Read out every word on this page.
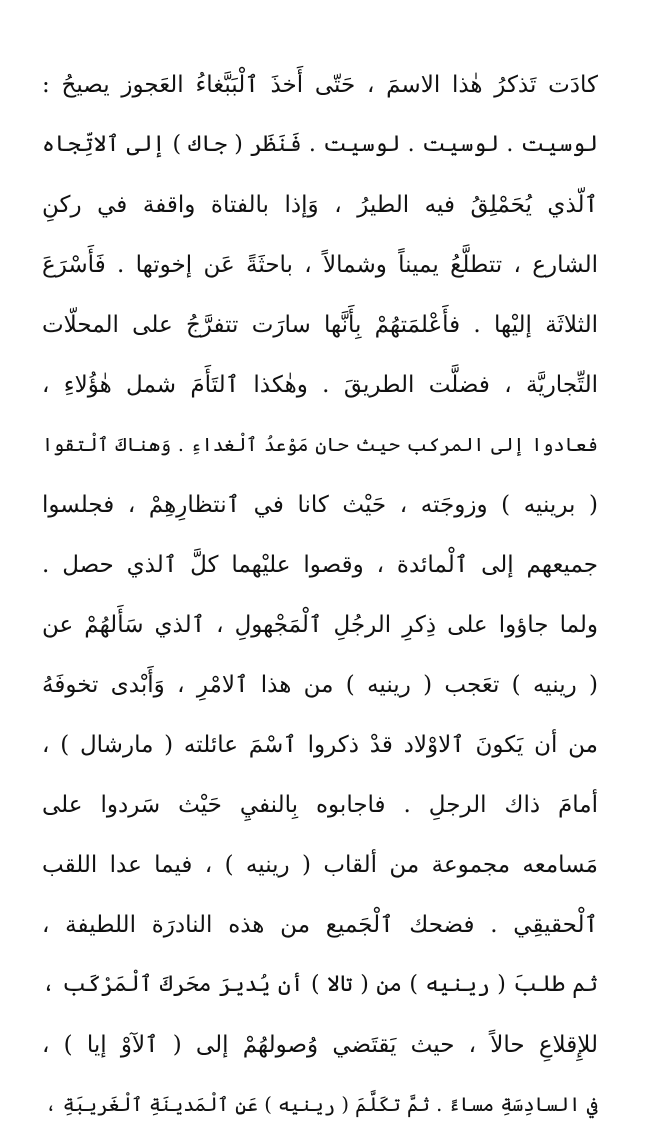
كادَت تَذكرُ هٰذا الاسمَ ، حَتّى أَخذَ ٱلْبَبَّغاءُ العَجوز يصيحُ :
لوسيت . لوسيت . لوسيت . فَنَظَر ( جاك ) إلى ٱلاتِّجاه
ٱلّذي يُحَمْلِقُ فيه الطيرُ ، وَإذا بالفتاة واقفة في ركنِ
الشارع ، تتطلَّعُ يميناً وشمالاً ، باحثَةً عَن إخوتها . فَأَسْرَعَ
الثلاثَة إليْها . فأَعْلمَتهُمْ بِأَنَّها سارَت تتفرَّجُ على المحلّات
التِّجاريَّة ، فضلَّت الطريقَ . وهٰكذا ٱلتَأَمَ شمل هٰؤُلاءِ ،
فعادوا إلى المركب حيث حان مَوْعدُ ٱلْغداءِ . وَهناكَ ٱلْتقوا
( برينيه ) وزوجَته ، حَيْث كانا في ٱنتظارِهِمْ ، فجلسوا
جميعهم إلى ٱلْمائدة ، وقصوا عليْهما كلَّ ٱلذي حصل .
ولما جاؤوا على ذِكرِ الرجُلِ ٱلْمَجْهولِ ، ٱلذي سَأَلهُمْ عن
( رينيه ) تعَجب ( رينيه ) من هذا ٱلامْرِ ، وَأَبْدى تخوفَهُ
من أن يَكونَ ٱلاوْلاد قدْ ذكروا ٱسْمَ عائلته ( مارشال ) ،
أمامَ ذاك الرجلِ . فاجابوه بِالنفيِ حَيْث سَردوا على
مَسامعه مجموعة من ألقاب ( رينيه ) ، فيما عدا اللقب
ٱلْحقيقِي . فضحك ٱلْجَميع من هذه النادرَة اللطيفة ،
ثم طلبَ ( رينيه ) من ( تالا ) أن يُديرَ محَركَ ٱلْمَرْكَب ،
للإِقلاعِ حالاً ، حيث يَقتَضي وُصولهُمْ إلى ( ٱلآوْ إيا ) ،
في السادِسَةِ مساءً . ثمَّ تكَلَّمَ ( رينيه ) عَنِ ٱلْمَدينَةِ ٱلْغَريبَةِ ،
